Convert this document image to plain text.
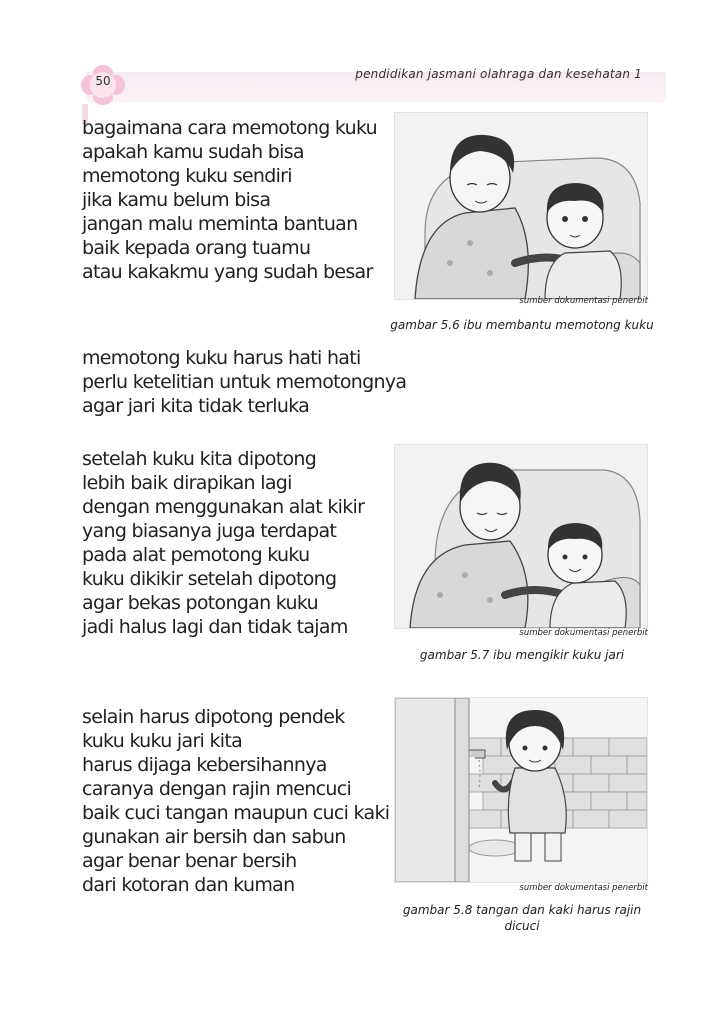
50	pendidikan jasmani olahraga dan kesehatan 1
bagaimana cara memotong kuku
apakah kamu sudah bisa
memotong kuku sendiri
jika kamu belum bisa
jangan malu meminta bantuan
baik kepada orang tuamu
atau kakakmu yang sudah besar
memotong kuku harus hati hati
perlu ketelitian untuk memotongnya
agar jari kita tidak terluka
setelah kuku kita dipotong
lebih baik dirapikan lagi
dengan menggunakan alat kikir
yang biasanya juga terdapat
pada alat pemotong kuku
kuku dikikir setelah dipotong
agar bekas potongan kuku
jadi halus lagi dan tidak tajam
selain harus dipotong pendek
kuku kuku jari kita
harus dijaga kebersihannya
caranya dengan rajin mencuci
baik cuci tangan maupun cuci kaki
gunakan air bersih dan sabun
agar benar benar bersih
dari kotoran dan kuman
sumber dokumentasi penerbit
gambar 5.6 ibu membantu memotong kuku
sumber dokumentasi penerbit
gambar 5.7 ibu mengikir kuku jari
sumber dokumentasi penerbit
gambar 5.8 tangan dan kaki harus rajin
dicuci
